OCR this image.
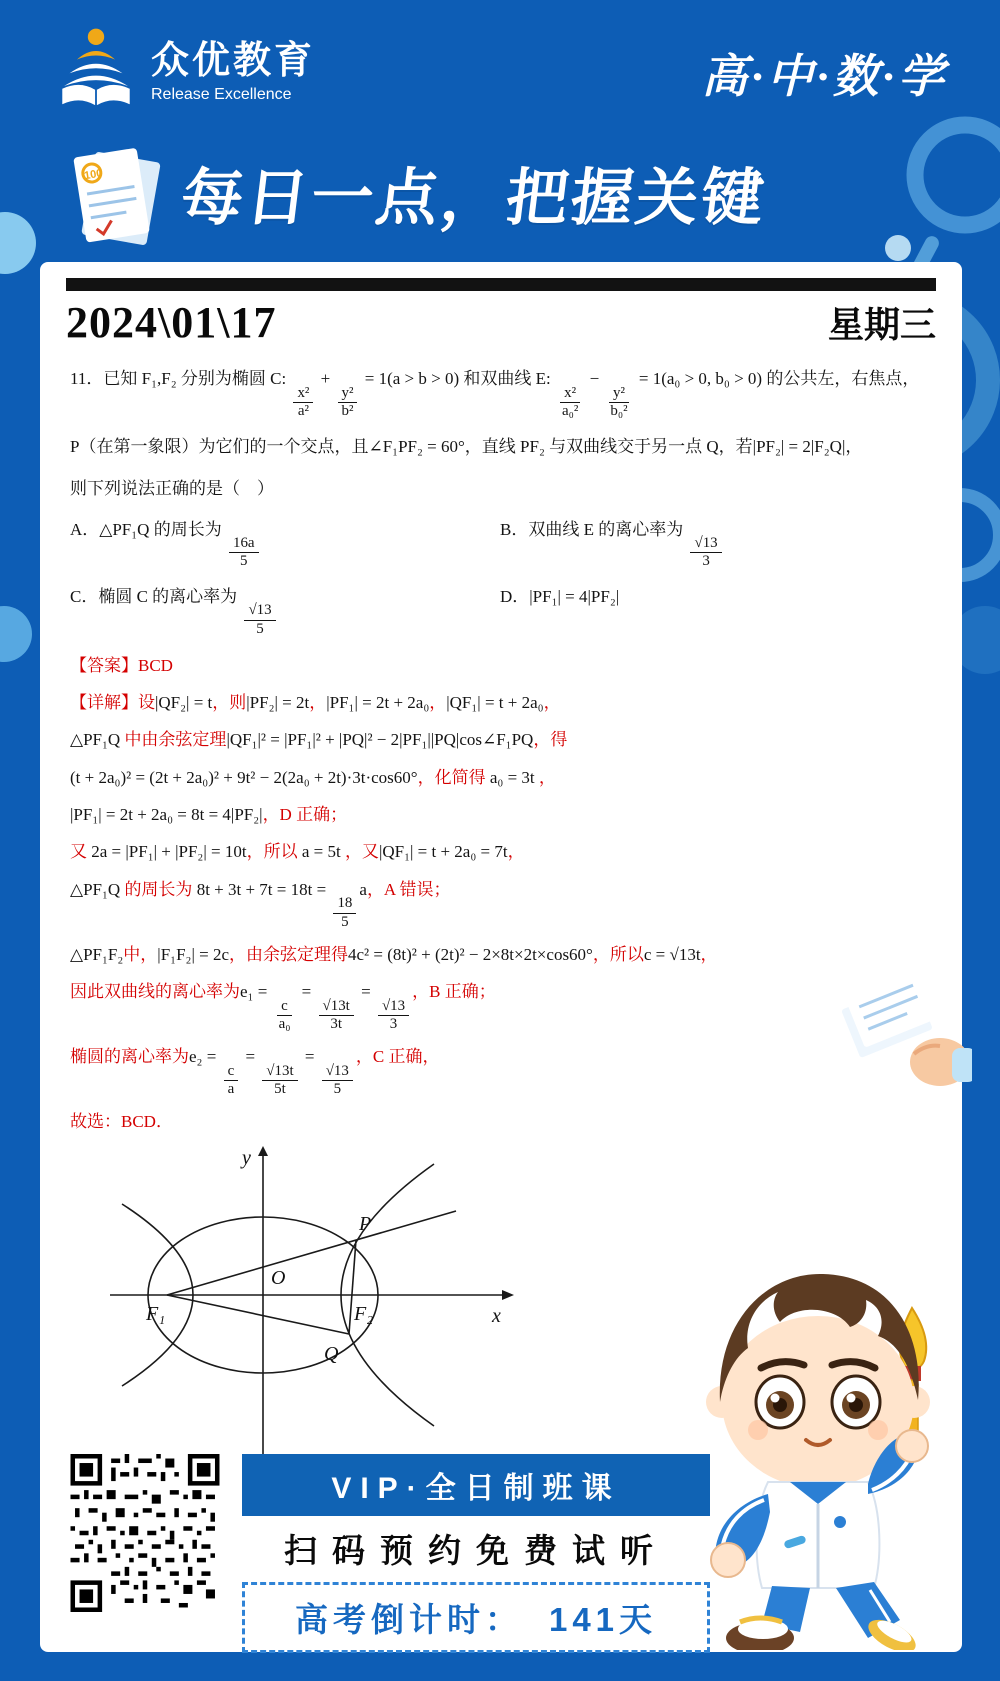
众优教育
Release Excellence	高·中·数·学
100 每日一点，把握关键
2024\01\17	星期三
11．已知 F₁,F₂ 分别为椭圆 C:
$\frac{\text{x²}}{\text{a²}}$
+
$\frac{\text{y²}}{\text{b²}}$
= 1(a > b > 0) 和双曲线 E:
$\frac{\text{x²}}{\text{a₀²}}$
−
$\frac{\text{y²}}{\text{b₀²}}$
= 1(a₀ > 0, b₀ > 0) 的公共左，右焦点，
P（在第一象限）为它们的一个交点，且∠F₁PF₂ = 60°，直线 PF₂ 与双曲线交于另一点 Q，若|PF₂| = 2|F₂Q|，
则下列说法正确的是（　）
A．△PF₁Q 的周长为
$\frac{16a}{5}$
B．双曲线 E 的离心率为
$\frac{√13}{3}$
C．椭圆 C 的离心率为
$\frac{√13}{5}$
D．|PF₁| = 4|PF₂|
【答案】BCD
【详解】设|QF₂| = t，则|PF₂| = 2t，|PF₁| = 2t + 2a₀，|QF₁| = t + 2a₀，
△PF₁Q 中由余弦定理|QF₁|² = |PF₁|² + |PQ|² − 2|PF₁||PQ|cos∠F₁PQ，得
(t + 2a₀)² = (2t + 2a₀)² + 9t² − 2(2a₀ + 2t)·3t·cos60°，化简得 a₀ = 3t ，
|PF₁| = 2t + 2a₀ = 8t = 4|PF₂|，D 正确；
又 2a = |PF₁| + |PF₂| = 10t，所以 a = 5t ，又|QF₁| = t + 2a₀ = 7t，
△PF₁Q 的周长为 8t + 3t + 7t = 18t =
$\frac{18}{5}$
a，A 错误；
△PF₁F₂中，|F₁F₂| = 2c，由余弦定理得4c² = (8t)² + (2t)² − 2×8t×2t×cos60°，所以c = √13t，
因此双曲线的离心率为e₁ =
$\frac{c}{\text{a₀}}$
=
$\frac{√13t}{3t}$
=
$\frac{√13}{3}$
，B 正确；
椭圆的离心率为e₂ =
$\frac{c}{a}$
=
$\frac{√13t}{5t}$
=
$\frac{√13}{5}$
，C 正确，
故选：BCD．
y
x
O
P
Q
F₁	F₂
VIP·全日制班课
扫码预约免费试听
高考倒计时： 141天
